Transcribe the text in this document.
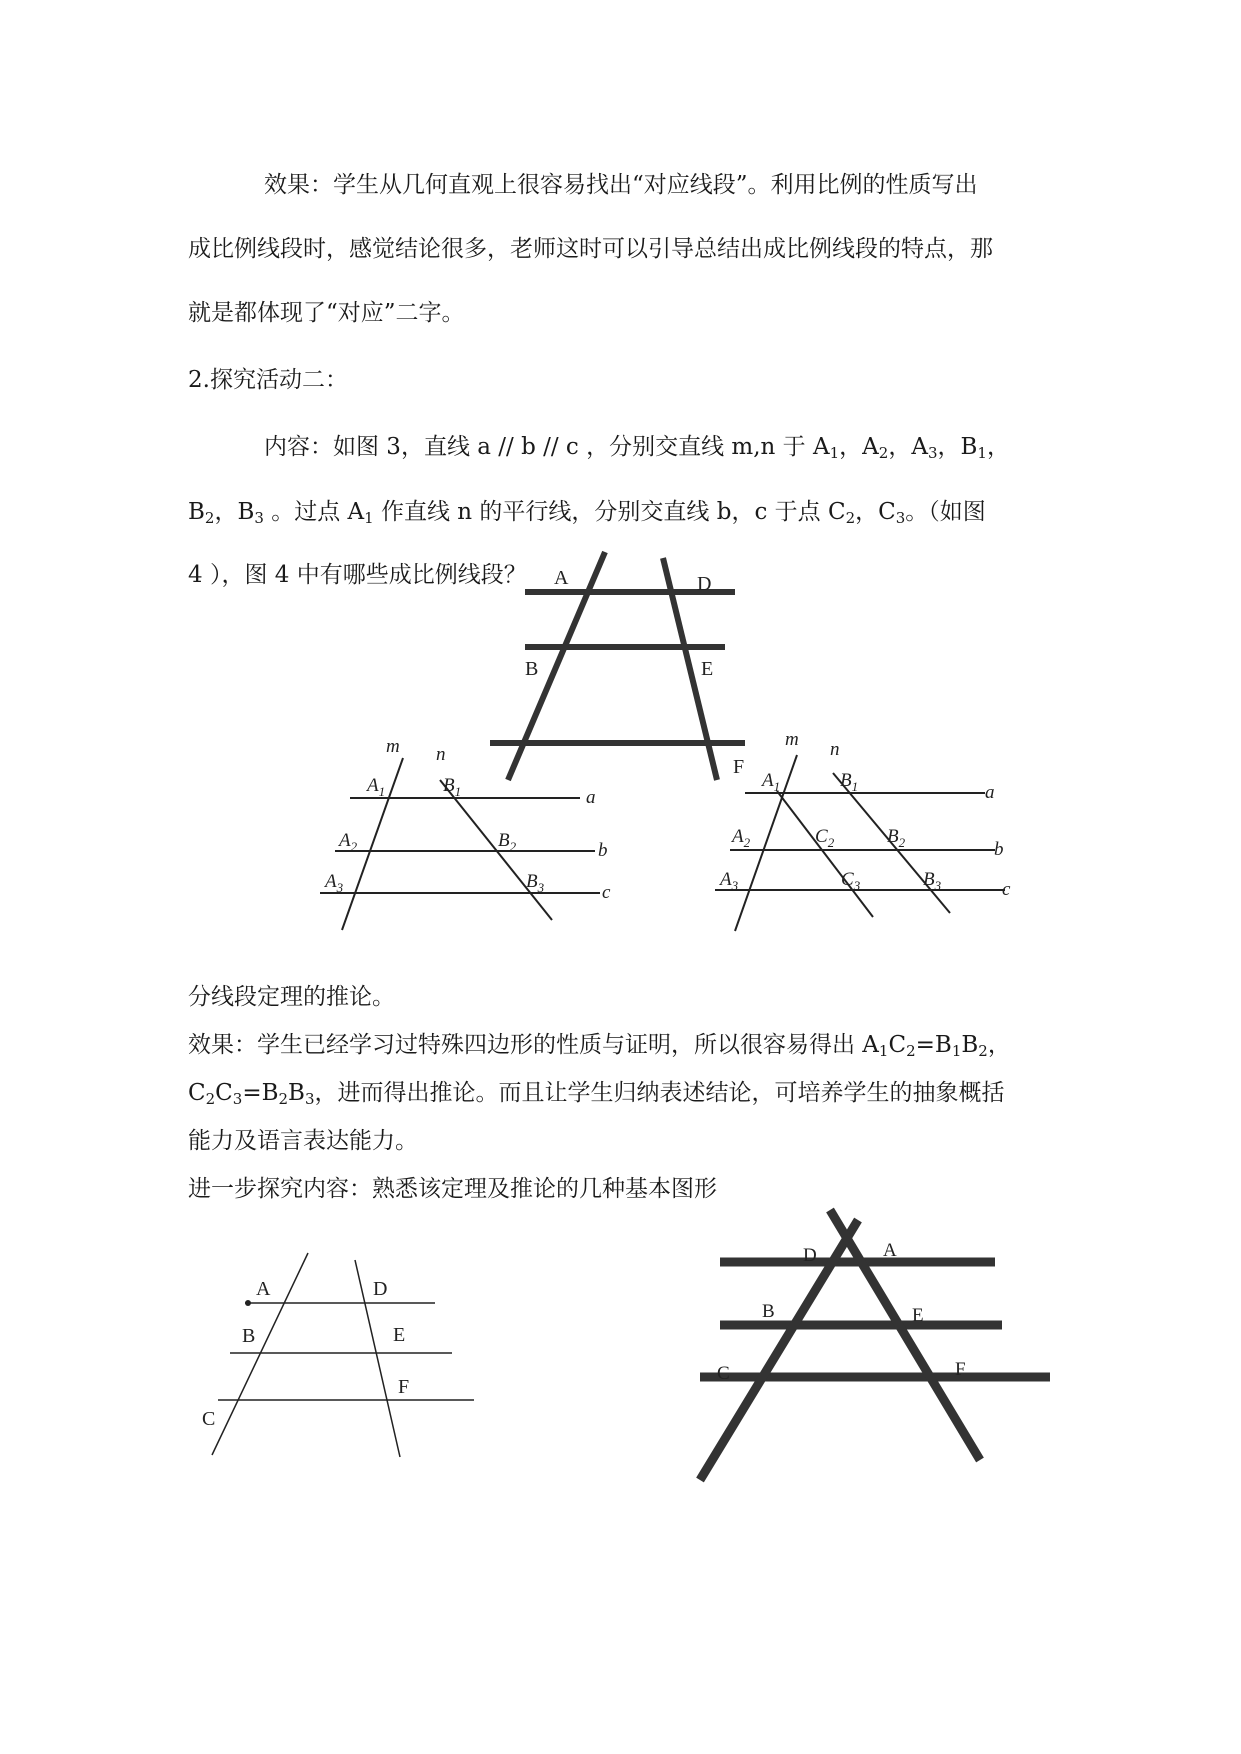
效果：学生从几何直观上很容易找出“对应线段”。利用比例的性质写出
成比例线段时，感觉结论很多，老师这时可以引导总结出成比例线段的特点，那
就是都体现了“对应”二字。
2.探究活动二：
内容：如图 3，直线 a // b // c ，分别交直线 m,n 于 $A_1$，$A_2$，$A_3$，$B_1$，
$B_2$，$B_3$ 。过点 $A_1$ 作直线 n 的平行线，分别交直线 b，c 于点 $C_2$，$C_3$。（如图
4 ），图 4 中有哪些成比例线段？	A	D
B	E
F
m n
a
b
c
$A_1$	$B_1$
$A_2$	$B_2$
$A_3$	$B_3$
m n
a
b
c
$A_1$	$B_1$
$A_2$	$C_2$	$B_2$
$A_3$	$C_3$	$B_3$
分线段定理的推论。
效果：学生已经学习过特殊四边形的性质与证明，所以很容易得出 $A_1C_2=B_1B_2$，
$C_2C_3=B_2B_3$，进而得出推论。而且让学生归纳表述结论，可培养学生的抽象概括
能力及语言表达能力。
进一步探究内容：熟悉该定理及推论的几种基本图形
A
B
C
D
E
F
D	A
B	E
C	F
